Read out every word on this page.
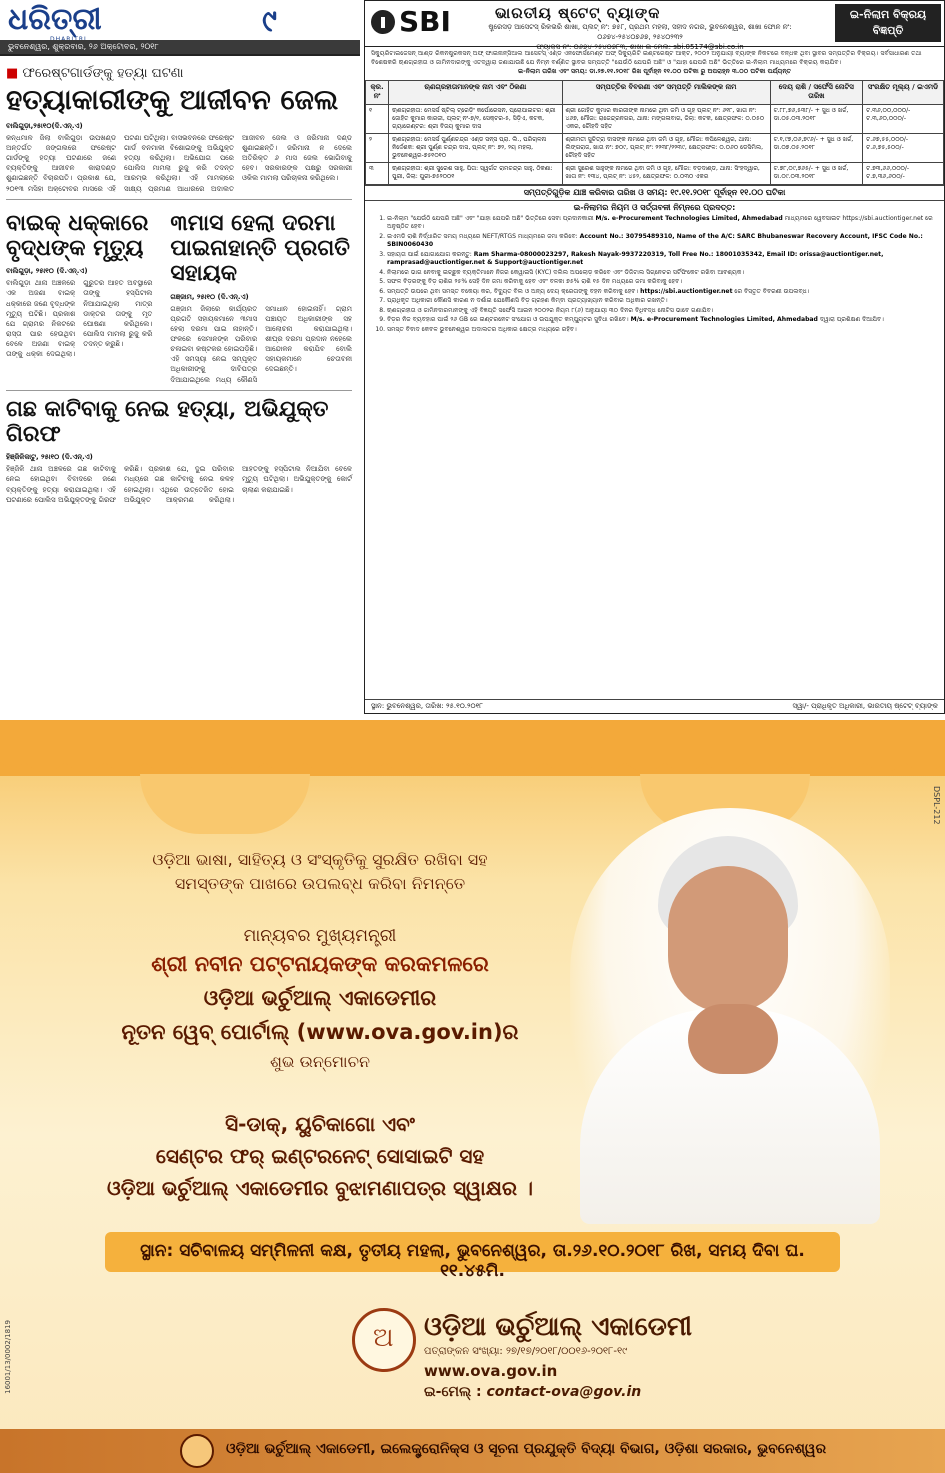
ଧରିତ୍ରୀ	୯
ଭୁବନେଶ୍ୱର, ଶୁକ୍ରବାର, ୨୬ ଅକ୍ଟୋବର, ୨୦୧୮
■ ଫରେଷ୍ଟଗାର୍ଡଙ୍କୁ ହତ୍ୟା ଘଟଣା
ହତ୍ୟାକାରୀଙ୍କୁ ଆଜୀବନ ଜେଲ
ବାଲିଗୁଡ଼ା,୨୫ା୧୦(ଦି.ଏନ୍‌.ଏ)
କନ୍ଧମାଳ ଜିଲା ବାଲିଗୁଡ଼ା ଉପଖଣ୍ଡ ଅନ୍ତର୍ଗତ ଜଙ୍ଗଲରେ ଫରେଷ୍ଟ ଗାର୍ଡଙ୍କୁ ହତ୍ୟା ଘଟଣାରେ ଜଣେ ବ୍ୟକ୍ତିଙ୍କୁ ଆଜୀବନ କାରାଦଣ୍ଡ ଶୁଣାଇଛନ୍ତି ବିଚାରପତି। ପ୍ରକାଶ ଯେ, ୨୦୧୩ ମସିହା ଅକ୍ଟୋବର ମାସରେ ଏହି ଘଟଣା ଘଟିଥିଲା। ବାସଭବନରେ ଫରେଷ୍ଟ ଗାର୍ଡ ବନମାଳୀ ବିଶୋଇଙ୍କୁ ଅଭିଯୁକ୍ତ ହତ୍ୟା କରିଥିଲା। ଅଭିଯୋଗ ପରେ ପୋଲିସ ମାମଲା ରୁଜୁ କରି ତଦନ୍ତ ଆରମ୍ଭ କରିଥିଲା। ଏହି ମାମଲାରେ ସାକ୍ଷ୍ୟ ପ୍ରମାଣ ଆଧାରରେ ଅଦାଲତ ଆଜୀବନ ଜେଲ ଓ ଜରିମାନା ଦଣ୍ଡ ଶୁଣାଇଛନ୍ତି। ଜରିମାନା ନ ଦେଲେ ଅତିରିକ୍ତ ୬ ମାସ ଜେଲ ଭୋଗିବାକୁ ହେବ। ସରକାରଙ୍କ ପକ୍ଷରୁ ସରକାରୀ ଓକିଲ ମାମଲା ପରିଚାଳନା କରିଥିଲେ।
ବାଇକ୍ ଧକ୍କାରେ ବୃଦ୍ଧଙ୍କ ମୃତ୍ୟୁ
ବାଲିଗୁଡ଼ା, ୨୫ା୧୦ (ଦି.ଏନ୍‌.ଏ)
ବାଲିଗୁଡ଼ା ଥାନା ଅଞ୍ଚଳରେ ଏକ ଅଜଣା ବାଇକ୍ ଧକ୍କାରେ ଜଣେ ବୃଦ୍ଧଙ୍କ ମୃତ୍ୟୁ ଘଟିଛି। ପ୍ରକାଶ ଯେ ଗ୍ରାମର ନିକଟରେ ରାସ୍ତା ପାର ହେଉଥିବା ବେଳେ ଅଜଣା ବାଇକ୍ ତାଙ୍କୁ ଧକ୍କା ଦେଇଥିଲା। ଗୁରୁତର ଆହତ ଅବସ୍ଥାରେ ତାଙ୍କୁ ହସ୍ପିଟାଲ ନିଆଯାଇଥିଲା ମାତ୍ର ଡାକ୍ତର ତାଙ୍କୁ ମୃତ ଘୋଷଣା କରିଥିଲେ। ପୋଲିସ ମାମଲା ରୁଜୁ କରି ତଦନ୍ତ କରୁଛି।
୩ମାସ ହେଲା ଦରମା ପାଇନାହାନ୍ତି ପ୍ରଗତି ସହାୟକ
ଗଞ୍ଜାମ, ୨୫ା୧୦ (ଦି.ଏନ୍‌.ଏ)
ଗଞ୍ଜାମ ଜିଲାରେ କାର୍ଯ୍ୟରତ ପ୍ରଗତି ସହାୟକମାନେ ୩ମାସ ହେଲା ଦରମା ପାଇ ନାହାନ୍ତି। ଫଳରେ ସେମାନଙ୍କ ପରିବାର ଚଳାଇବା କଷ୍ଟକର ହୋଇପଡ଼ିଛି। ଏହି ସମସ୍ୟା ନେଇ ସମ୍ପୃକ୍ତ ଅଧିକାରୀଙ୍କୁ ଦାବିପତ୍ର ଦିଆଯାଇଥିଲେ ମଧ୍ୟ କୌଣସି ସମାଧାନ ହୋଇନାହିଁ। ଗ୍ରାମ ପଞ୍ଚାୟତ ଅଧିକାରୀଙ୍କ ସହ ଆଲୋଚନା କରାଯାଇଥିଲା। ଶୀଘ୍ର ଦରମା ପ୍ରଦାନ ନହେଲେ ଆନ୍ଦୋଳନ କରାଯିବ ବୋଲି ସହାୟକମାନେ ଚେତାବନୀ ଦେଇଛନ୍ତି।
ଗଛ କାଟିବାକୁ ନେଇ ହତ୍ୟା, ଅଭିଯୁକ୍ତ ଗିରଫ
ହିଞ୍ଜିଳିକାଟୁ, ୨୫ା୧୦ (ଦି.ଏନ୍‌.ଏ)
ହିଞ୍ଜିଳି ଥାନା ଅଞ୍ଚଳରେ ଗଛ କାଟିବାକୁ ନେଇ ହୋଇଥିବା ବିବାଦରେ ଜଣେ ବ୍ୟକ୍ତିଙ୍କୁ ହତ୍ୟା କରାଯାଇଥିଲା। ଏହି ଘଟଣାରେ ପୋଲିସ ଅଭିଯୁକ୍ତଙ୍କୁ ଗିରଫ କରିଛି। ପ୍ରକାଶ ଯେ, ଦୁଇ ପରିବାର ମଧ୍ୟରେ ଗଛ କାଟିବାକୁ ନେଇ କଳହ ହୋଇଥିଲା। ଏଥିରେ ଉତ୍ତେଜିତ ହୋଇ ଅଭିଯୁକ୍ତ ଆକ୍ରମଣ କରିଥିଲା। ଆହତଙ୍କୁ ହସ୍ପିଟାଲ ନିଆଯିବା ବେଳେ ମୃତ୍ୟୁ ଘଟିଥିଲା। ଅଭିଯୁକ୍ତଙ୍କୁ କୋର୍ଟ ଚାଲାଣ କରାଯାଇଛି।
SBI	ଭାରତୀୟ ଷ୍ଟେଟ୍ ବ୍ୟାଙ୍କ
ଷ୍ଟ୍ରେସଡ଼ ଆସେଟସ୍ ରିକଭରି ଶାଖା, ପ୍ଲଟ୍ ନଂ: ୭୫୮, ପ୍ରଥମ ମହଲା, ସହୀଦ ନଗର, ଭୁବନେଶ୍ୱର, ଶାଖା ଫୋନ ନଂ: ୦୬୭୪-୨୫୪୦୭୬୭, ୨୫୪୦୨୩୨
ଫ୍ୟାକ୍ସ ନଂ: ୦୬୭୪-୨୫୪୦୭୮୩, ଶାଖା ଇ-ମେଲ: sbi.05174@sbi.co.in
ଇ-ନିଲାମ ବିକ୍ରୟ ବିଜ୍ଞପ୍ତି
ସିକ୍ୟୁରିଟାଇଜେସନ୍ ଆଣ୍ଡ ରିକନଷ୍ଟ୍ରକସନ୍ ଅଫ୍ ଫାଇନାନ୍ସିଆଲ ଆସେଟସ୍ ଏଣ୍ଡ ଏନଫୋର୍ସମେଣ୍ଟ ଅଫ୍ ସିକ୍ୟୁରିଟି ଇଣ୍ଟରେଷ୍ଟ ଆକ୍ଟ, ୨୦୦୨ ଅନୁଯାୟୀ ବ୍ୟାଙ୍କ ନିକଟରେ ବନ୍ଧକ ଥିବା ସ୍ଥାବର ସମ୍ପତ୍ତିର ବିକ୍ରୟ। ସର୍ବସାଧାରଣ ତଥା ବିଶେଷକରି ଋଣଗ୍ରହୀତା ଓ ଜାମିନଦାରଙ୍କୁ ଏତଦ୍ୱାରା ଜଣାଯାଉଛି ଯେ ନିମ୍ନ ବର୍ଣ୍ଣିତ ସ୍ଥାବର ସମ୍ପତ୍ତି "ଯେଉଁଠି ଯେପରି ଅଛି" ଓ "ଯାହା ଯେପରି ଅଛି" ଭିତ୍ତିରେ ଇ-ନିଲାମ ମାଧ୍ୟମରେ ବିକ୍ରୟ କରାଯିବ।
ଇ-ନିଲାମ ତାରିଖ ଏବଂ ସମୟ: ଡା.୨୭.୧୧.୨୦୧୮ ରିଖ ପୂର୍ବାହ୍ନ ୧୧.୦୦ ଘଟିକା ରୁ ଅପରାହ୍ନ ୩.୦୦ ଘଟିକା ପର୍ଯ୍ୟନ୍ତ
କ୍ର. ନଂ	ଋଣଗ୍ରହୀତାମାନଙ୍କ ନାମ ଏବଂ ଠିକଣା	ସମ୍ପତ୍ତିର ବିବରଣୀ ଏବଂ ସମ୍ପତ୍ତି ମାଲିକଙ୍କ ନାମ	ଦେୟ ରାଶି / ସର୍ଫେସି ନୋଟିସ ତାରିଖ	ସଂରକ୍ଷିତ ମୂଲ୍ୟ / ଇଏମଡି
୧	ଋଣଗ୍ରହୀତା: ମେସର୍ସ ଷ୍ଟିଲ୍ ଟ୍ରେଡ଼ିଂ କର୍ପୋରେସନ, ପ୍ରୋପାଇଟର: ଶ୍ରୀ ଜୋହିତ କୁମାର କାରଜୀ, ପ୍ଲଟ୍ ନଂ-୭/୧, ସେକ୍ଟର-୫, ସିଡ଼ିଏ, କଟକ, ଗ୍ୟାରେଣ୍ଟର: ଶ୍ରୀ ବିଜୟ କୁମାର ଦାସ	ଶ୍ରୀ ଜୋହିତ କୁମାର କାରଜୀଙ୍କ ନାମରେ ଥିବା ଜମି ଓ ଗୃହ ପ୍ଲଟ୍ ନଂ: ୬୧୮, ଖାତା ନଂ: ୪୬୭, ମୌଜା: ରାଜେନ୍ଦ୍ରନଗର, ଥାନା: ମଙ୍ଗଳାବାଗ, ଜିଲା: କଟକ, କ୍ଷେତ୍ରଫଳ: ୦.୦୫୦ ଏକର, ଚୌହଦି ସହିତ	ଟ.୮୮,୭୬,୫୩୮/- + ସୁଧ ଓ ଖର୍ଚ୍ଚ, ଡା.୦୫.୦୩.୨୦୧୮	ଟ.୩୬,୦୦,୦୦୦/- ଟ.୩,୬୦,୦୦୦/-
୨	ଋଣଗ୍ରହୀତା: ମେସର୍ସ ପୁର୍ଣ୍ଣଚନ୍ଦ୍ର ଏଣ୍ଡ ସନ୍ସ ପ୍ରା. ଲି., ପରିଚାଳନା ନିର୍ଦ୍ଦେଶକ: ଶ୍ରୀ ପୁର୍ଣ୍ଣ ଚନ୍ଦ୍ର ଦାସ, ପ୍ଲଟ୍ ନଂ: ୭୨, ୨ୟ ମହଲା, ଭୁବନେଶ୍ୱର-୭୫୧୦୧୦	ଶ୍ରୀମତୀ ସୁଚିତ୍ରା ଦାସଙ୍କ ନାମରେ ଥିବା ଜମି ଓ ଗୃହ, ମୌଜା: କପିଳେଶ୍ୱର, ଥାନା: ଲିଙ୍ଗରାଜ, ଖାତା ନଂ: ୭୦୯, ପ୍ଲଟ୍ ନଂ: ୨୨୩୮/୨୨୩୯, କ୍ଷେତ୍ରଫଳ: ୦.୦୬୦ ଡେସିମିଲ, ଚୌହଦି ସହିତ	ଟ.୧,୯୭,୦୬,୭୯୬/- + ସୁଧ ଓ ଖର୍ଚ୍ଚ, ଡା.୦୭.୦୫.୨୦୧୮	ଟ.୬୭,୫୫,୦୦୦/- ଟ.୬,୭୫,୫୦୦/-
୩	ଋଣଗ୍ରହୀତା: ଶ୍ରୀ ସୁରେଶ ସାହୁ, ପିତା: ସ୍ୱର୍ଗତ ରାମଚନ୍ଦ୍ର ସାହୁ, ଠିକଣା: ପୁରୀ, ଜିଲା: ପୁରୀ-୭୫୨୦୦୧	ଶ୍ରୀ ସୁରେଶ ସାହୁଙ୍କ ନାମରେ ଥିବା ଜମି ଓ ଗୃହ, ମୌଜା: ବଡ଼ଦାଣ୍ଡ, ଥାନା: ସିଂହଦ୍ୱାର, ଖାତା ନଂ: ୧୩୪, ପ୍ଲଟ୍ ନଂ: ୪୫୨, କ୍ଷେତ୍ରଫଳ: ୦.୦୩୦ ଏକର	ଟ.୭୮,୦୯,୭୬୫/- + ସୁଧ ଓ ଖର୍ଚ୍ଚ, ଡା.୦୯.୦୩.୨୦୧୮	ଟ.୭୩,୬୬,୦୦୦/- ଟ.୭,୩୬,୬୦୦/-
ସମ୍ପତ୍ତିଗୁଡ଼ିକ ଯାଞ୍ଚ କରିବାର ତାରିଖ ଓ ସମୟ: ୧୯.୧୧.୨୦୧୮ ପୂର୍ବାହ୍ନ ୧୧.୦୦ ଘଟିକା
ଇ-ନିଲାମର ନିୟମ ଓ ସର୍ତ୍ତାବଳୀ ନିମ୍ନରେ ପ୍ରଦତ୍ତ:
1. ଇ-ନିଲାମ "ଯେଉଁଠି ଯେପରି ଅଛି" ଏବଂ "ଯାହା ଯେପରି ଅଛି" ଭିତ୍ତିରେ ସେବା ପ୍ରଦାନକାରୀ M/s. e-Procurement Technologies Limited, Ahmedabad ମାଧ୍ୟମରେ ୱେବସାଇଟ https://sbi.auctiontiger.net ରେ ଅନୁଷ୍ଠିତ ହେବ।
2. ଇଏମଡି ରାଶି ନିର୍ଦ୍ଧାରିତ ସମୟ ମଧ୍ୟରେ NEFT/RTGS ମାଧ୍ୟମରେ ଜମା କରିବେ: Account No.: 30795489310, Name of the A/C: SARC Bhubaneswar Recovery Account, IFSC Code No.: SBIN0060430
3. ସହାୟତା ପାଇଁ ଯୋଗାଯୋଗ କରନ୍ତୁ: Ram Sharma-08000023297, Rakesh Nayak-9937220319, Toll Free No.: 18001035342, Email ID: orissa@auctiontiger.net, ramprasad@auctiontiger.net & Support@auctiontiger.net
4. ନିଲାମରେ ଭାଗ ନେବାକୁ ଇଚ୍ଛୁକ ବ୍ୟକ୍ତିମାନେ ନିଜର କେୱାଇସି (KYC) ଦଲିଲ ଅପଲୋଡ଼ କରିବେ ଏବଂ ଡିଜିଟାଲ ସିଗ୍ନେଚର ସର୍ଟିଫିକେଟ ରଖିବା ଆବଶ୍ୟକ।
5. ସଫଳ ବିଡ଼ରଙ୍କୁ ବିଡ଼ ରାଶିର ୨୫% ସେହି ଦିନ ଜମା କରିବାକୁ ହେବ ଏବଂ ବଳକା ୭୫% ରାଶି ୧୫ ଦିନ ମଧ୍ୟରେ ଜମା କରିବାକୁ ହେବ।
6. ସମ୍ପତ୍ତି ଉପରେ ଥିବା ସମସ୍ତ ବକେୟା କର, ବିଦ୍ୟୁତ ବିଲ ଓ ଅନ୍ୟ ଦେୟ କ୍ରେତାଙ୍କୁ ବହନ କରିବାକୁ ହେବ। https://sbi.auctiontiger.net ରେ ବିସ୍ତୃତ ବିବରଣୀ ଉପଲବ୍ଧ।
7. ପ୍ରାଧିକୃତ ଅଧିକାରୀ କୌଣସି କାରଣ ନ ଦର୍ଶାଇ ଯେକୌଣସି ବିଡ଼ ଗ୍ରହଣ କିମ୍ବା ପ୍ରତ୍ୟାଖ୍ୟାନ କରିବାର ଅଧିକାର ରଖନ୍ତି।
8. ଋଣଗ୍ରହୀତା ଓ ଜାମିନଦାରମାନଙ୍କୁ ଏହି ବିଜ୍ଞପ୍ତି ସର୍ଫେସି ଆଇନ ୨୦୦୨ର ନିୟମ ୮(୬) ଅନୁଯାୟୀ ୩୦ ଦିନର ବିଧିବଦ୍ଧ ନୋଟିସ ଭାବେ ଗଣାଯିବ।
9. ବିଡ଼ର ନିଜ ବ୍ୟବହାର ପାଇଁ ୨୬ GB ରେ ଇଣ୍ଟରନେଟ ସଂଯୋଗ ଓ ଉପଯୁକ୍ତ କମ୍ପ୍ୟୁଟର ସୁବିଧା ରଖିବେ। M/s. e-Procurement Technologies Limited, Ahmedabad ଦ୍ୱାରା ପ୍ରଶିକ୍ଷଣ ଦିଆଯିବ।
10. ସମସ୍ତ ବିବାଦ କେବଳ ଭୁବନେଶ୍ୱର ଅଦାଲତର ଅଧିକାର କ୍ଷେତ୍ର ମଧ୍ୟରେ ରହିବ।
ସ୍ଥାନ: ଭୁବନେଶ୍ୱର, ତାରିଖ: ୨୫.୧୦.୨୦୧୮	ସ୍ୱା/- ପ୍ରାଧିକୃତ ଅଧିକାରୀ, ଭାରତୀୟ ଷ୍ଟେଟ୍ ବ୍ୟାଙ୍କ
DSPL-212
ଓଡ଼ିଆ ଭାଷା, ସାହିତ୍ୟ ଓ ସଂସ୍କୃତିକୁ ସୁରକ୍ଷିତ ରଖିବା ସହ
ସମସ୍ତଙ୍କ ପାଖରେ ଉପଲବ୍ଧ କରିବା ନିମନ୍ତେ
ମାନ୍ୟବର ମୁଖ୍ୟମନ୍ତ୍ରୀ
ଶ୍ରୀ ନବୀନ ପଟ୍ଟନାୟକଙ୍କ କରକମଳରେ
ଓଡ଼ିଆ ଭର୍ଚୁଆଲ୍ ଏକାଡେମୀର
ନୂତନ ୱେବ୍ ପୋର୍ଟାଲ୍ (www.ova.gov.in)ର
ଶୁଭ ଉନ୍ମୋଚନ
ସି-ଡାକ୍, ୟୁଚିକାଗୋ ଏବଂ
ସେଣ୍ଟର ଫର୍ ଇଣ୍ଟରନେଟ୍ ସୋସାଇଟି ସହ
ଓଡ଼ିଆ ଭର୍ଚୁଆଲ୍ ଏକାଡେମୀର ବୁଝାମଣାପତ୍ର ସ୍ୱାକ୍ଷର ।
ସ୍ଥାନ: ସଚିବାଳୟ ସମ୍ମିଳନୀ କକ୍ଷ, ତୃତୀୟ ମହଲା, ଭୁବନେଶ୍ୱର, ତା.୨୬.୧୦.୨୦୧୮ ରିଖ, ସମୟ ଦିବା ଘ. ୧୧.୪୫ମି.
16001/13/0002/1819 ଅ	ଓଡ଼ିଆ ଭର୍ଚୁଆଲ୍ ଏକାଡେମୀ
ପତ୍ରାଙ୍କନ ସଂଖ୍ୟା: ୨୭/୧୭/୨୦୧୮/୦୦୧୬-୨୦୧୮-୧୯
www.ova.gov.in
ଇ-ମେଲ୍ : contact-ova@gov.in
ଓଡ଼ିଆ ଭର୍ଚୁଆଲ୍ ଏକାଡେମୀ, ଇଲେକ୍ଟ୍ରୋନିକ୍ସ ଓ ସୂଚନା ପ୍ରଯୁକ୍ତି ବିଦ୍ୟା ବିଭାଗ, ଓଡ଼ିଶା ସରକାର, ଭୁବନେଶ୍ୱର
